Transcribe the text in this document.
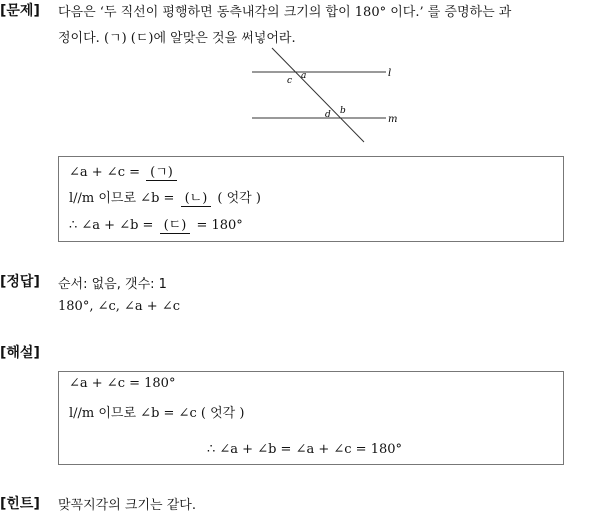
[문제] 다음은 ‘두 직선이 평행하면 동측내각의 크기의 합이 180° 이다.’ 를 증명하는 과
정이다. (ㄱ) (ㄷ)에 알맞은 것을 써넣어라.
l
m
a
c
b
d
∠a + ∠c = (ㄱ)
l//m 이므로 ∠b = (ㄴ) ( 엇각 )
∴ ∠a + ∠b = (ㄷ) = 180°
[정답] 순서: 없음, 갯수: 1
180°, ∠c, ∠a + ∠c
[해설]
∠a + ∠c = 180°
l//m 이므로 ∠b = ∠c ( 엇각 )
∴ ∠a + ∠b = ∠a + ∠c = 180°
[힌트] 맞꼭지각의 크기는 같다.
